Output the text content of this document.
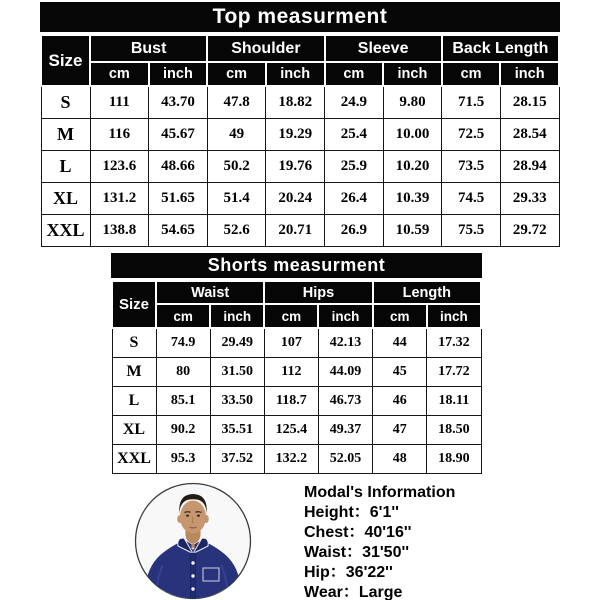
Top measurment
Size	Bust		Shoulder		Sleeve		Back Length	
	cm	inch	cm	inch	cm	inch	cm	inch
S	111	43.70	47.8	18.82	24.9	9.80	71.5	28.15
M	116	45.67	49	19.29	25.4	10.00	72.5	28.54
L	123.6	48.66	50.2	19.76	25.9	10.20	73.5	28.94
XL	131.2	51.65	51.4	20.24	26.4	10.39	74.5	29.33
XXL	138.8	54.65	52.6	20.71	26.9	10.59	75.5	29.72
Shorts measurment
Size	Waist		Hips		Length	
	cm	inch	cm	inch	cm	inch
S	74.9	29.49	107	42.13	44	17.32
M	80	31.50	112	44.09	45	17.72
L	85.1	33.50	118.7	46.73	46	18.11
XL	90.2	35.51	125.4	49.37	47	18.50
XXL	95.3	37.52	132.2	52.05	48	18.90
Modal's Information
Height：6'1''
Chest：40'16''
Waist：31'50''
Hip：36'22''
Wear：Large
